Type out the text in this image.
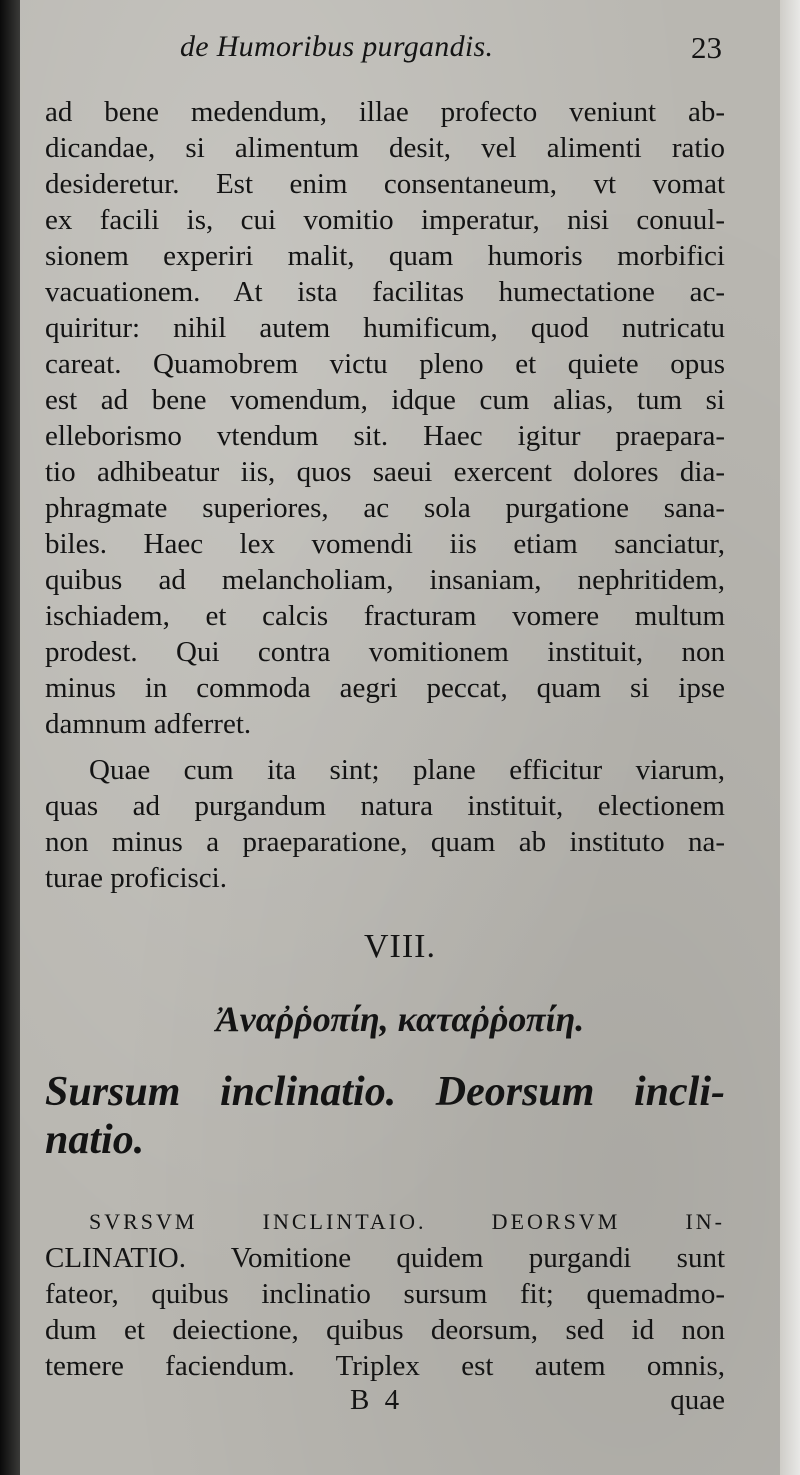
de Humoribus purgandis.	23
ad bene medendum, illae profecto veniunt ab-
dicandae, si alimentum desit, vel alimenti ratio
desideretur. Est enim consentaneum, vt vomat
ex facili is, cui vomitio imperatur, nisi conuul-
sionem experiri malit, quam humoris morbifici
vacuationem. At ista facilitas humectatione ac-
quiritur: nihil autem humificum, quod nutricatu
careat. Quamobrem victu pleno et quiete opus
est ad bene vomendum, idque cum alias, tum si
elleborismo vtendum sit. Haec igitur praepara-
tio adhibeatur iis, quos saeui exercent dolores dia-
phragmate superiores, ac sola purgatione sana-
biles. Haec lex vomendi iis etiam sanciatur,
quibus ad melancholiam, insaniam, nephritidem,
ischiadem, et calcis fracturam vomere multum
prodest. Qui contra vomitionem instituit, non
minus in commoda aegri peccat, quam si ipse
damnum adferret.
Quae cum ita sint; plane efficitur viarum,
quas ad purgandum natura instituit, electionem
non minus a praeparatione, quam ab instituto na-
turae proficisci.
VIII.
Ἀναῤῥοπίη, καταῤῥοπίη.
Sursum inclinatio. Deorsum incli-
natio.
SVRSVM INCLINTAIO. DEORSVM IN-
CLINATIO. Vomitione quidem purgandi sunt
fateor, quibus inclinatio sursum fit; quemadmo-
dum et deiectione, quibus deorsum, sed id non
temere faciendum. Triplex est autem omnis,
B 4	quae
